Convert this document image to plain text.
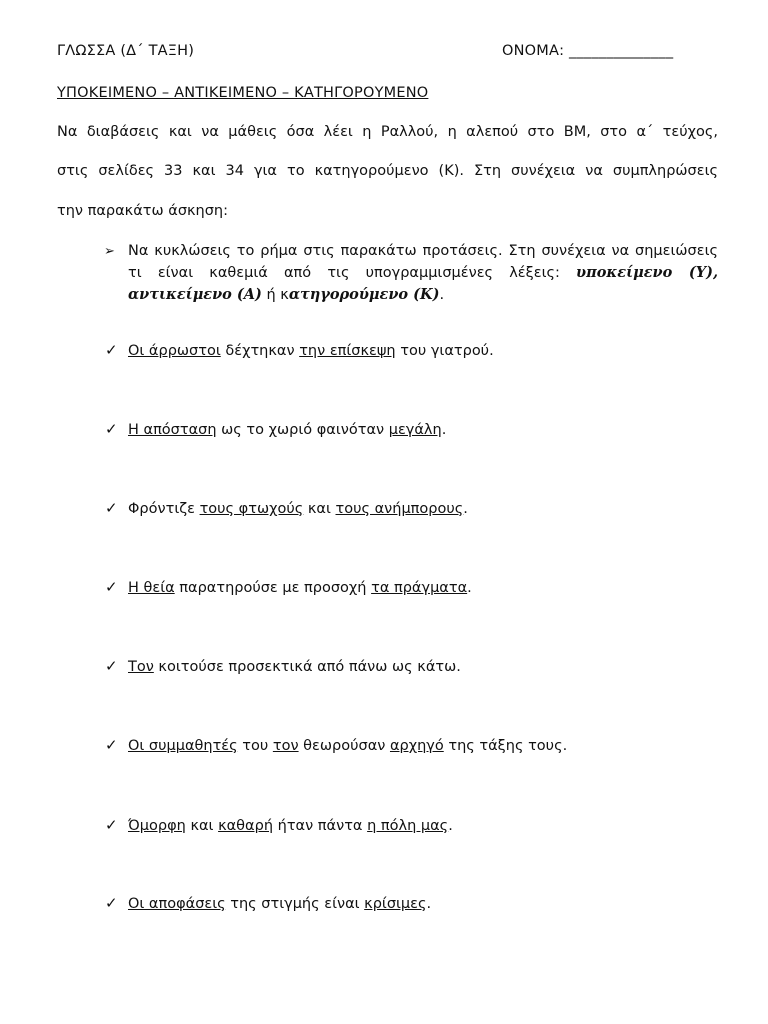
ΓΛΩΣΣΑ (Δ΄ ΤΑΞΗ)	ΟΝΟΜΑ: ______________
ΥΠΟΚΕΙΜΕΝΟ – ΑΝΤΙΚΕΙΜΕΝΟ – ΚΑΤΗΓΟΡΟΥΜΕΝΟ
Να διαβάσεις και να μάθεις όσα λέει η Ραλλού, η αλεπού στο ΒΜ, στο α΄ τεύχος,
στις σελίδες 33 και 34 για το κατηγορούμενο (Κ). Στη συνέχεια να συμπληρώσεις
την παρακάτω άσκηση:
➢ Να κυκλώσεις το ρήμα στις παρακάτω προτάσεις. Στη συνέχεια να σημειώσεις τι είναι καθεμιά από τις υπογραμμισμένες λέξεις: υποκείμενο (Υ), αντικείμενο (Α) ή κατηγορούμενο (Κ).
✓ Οι άρρωστοι δέχτηκαν την επίσκεψη του γιατρού.
✓ Η απόσταση ως το χωριό φαινόταν μεγάλη.
✓ Φρόντιζε τους φτωχούς και τους ανήμπορους.
✓ Η θεία παρατηρούσε με προσοχή τα πράγματα.
✓ Τον κοιτούσε προσεκτικά από πάνω ως κάτω.
✓ Οι συμμαθητές του τον θεωρούσαν αρχηγό της τάξης τους.
✓ Όμορφη και καθαρή ήταν πάντα η πόλη μας.
✓ Οι αποφάσεις της στιγμής είναι κρίσιμες.
